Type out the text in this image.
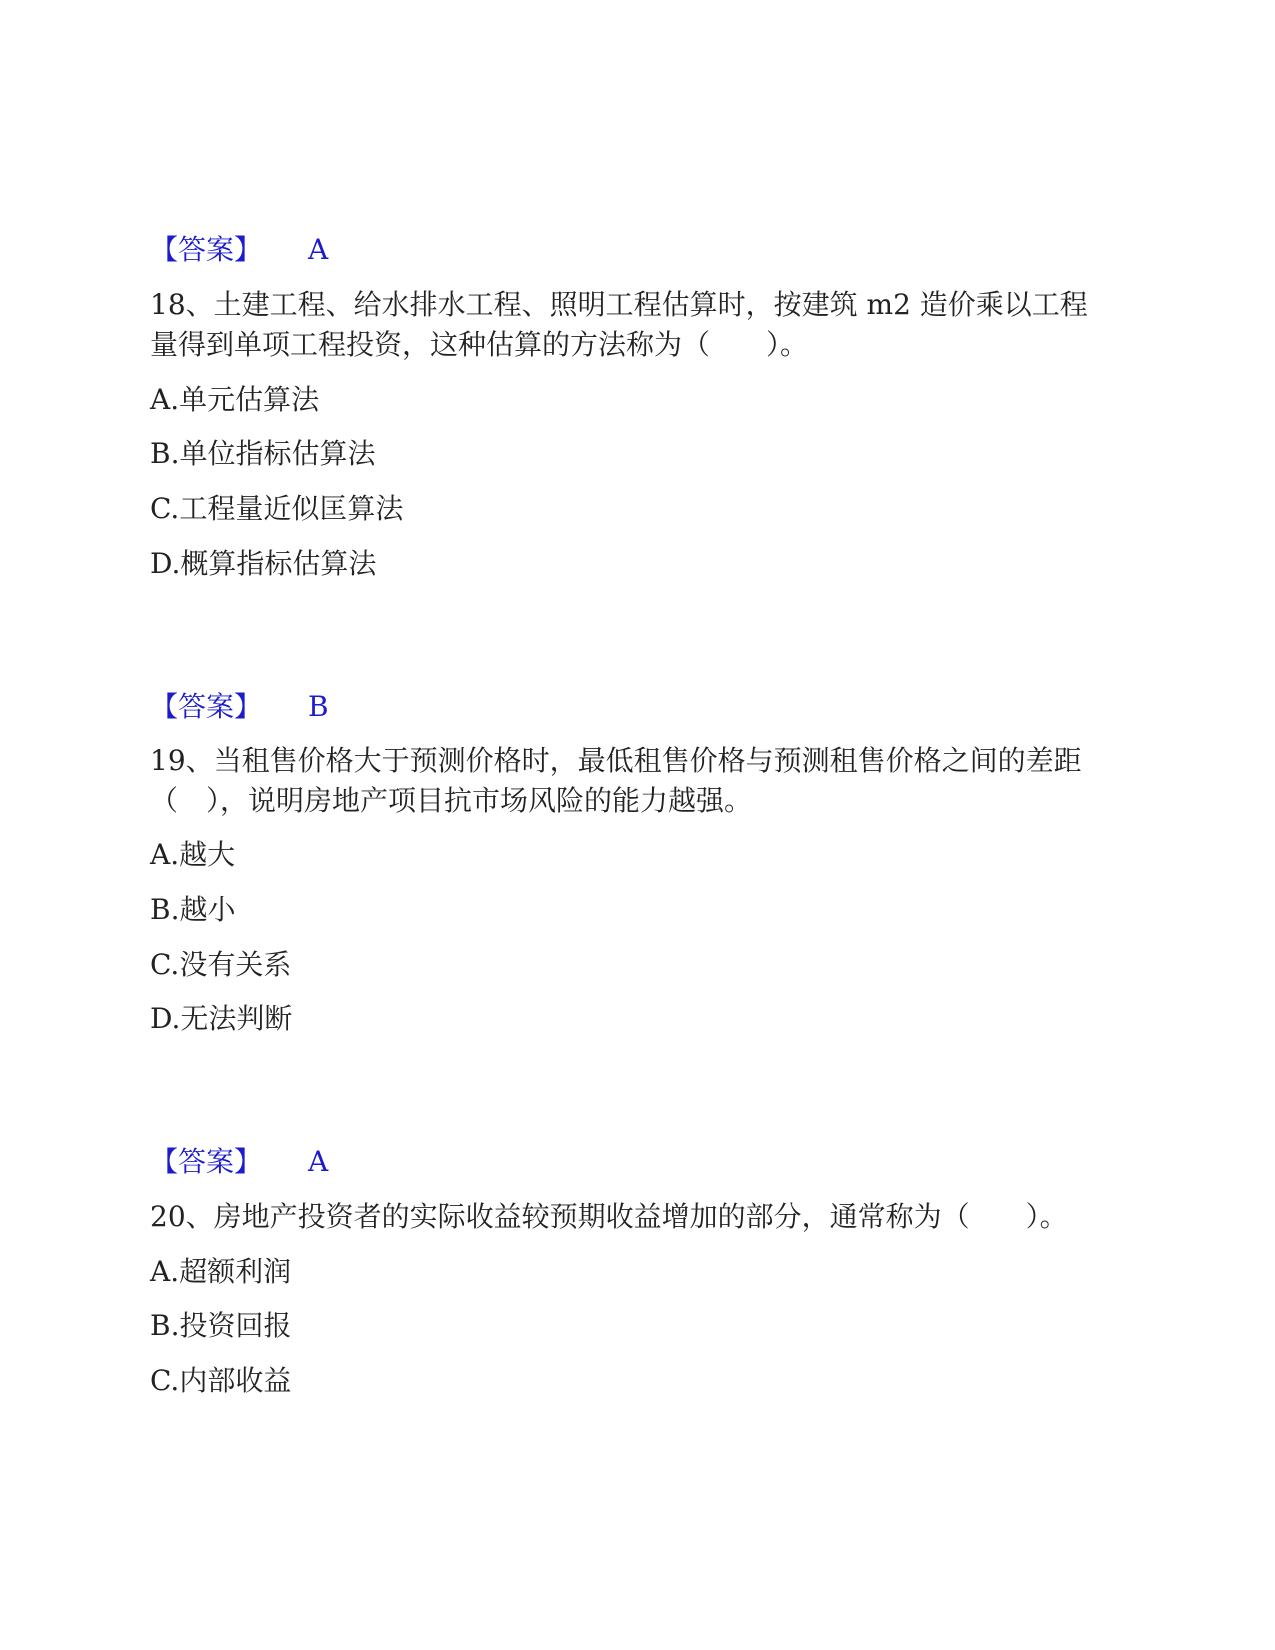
【答案】 A
18、土建工程、给水排水工程、照明工程估算时，按建筑 m2 造价乘以工程
量得到单项工程投资，这种估算的方法称为（　　）。
A.单元估算法
B.单位指标估算法
C.工程量近似匡算法
D.概算指标估算法
【答案】 B
19、当租售价格大于预测价格时，最低租售价格与预测租售价格之间的差距
（　），说明房地产项目抗市场风险的能力越强。
A.越大
B.越小
C.没有关系
D.无法判断
【答案】 A
20、房地产投资者的实际收益较预期收益增加的部分，通常称为（　　）。
A.超额利润
B.投资回报
C.内部收益
